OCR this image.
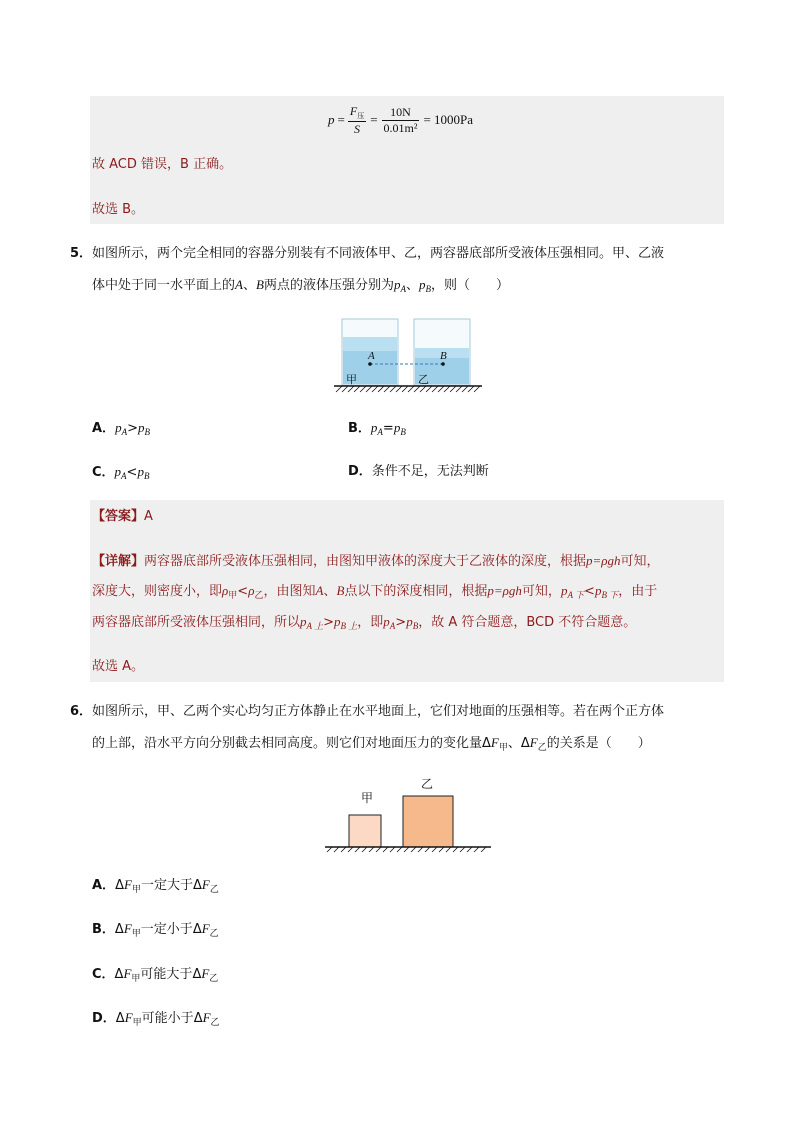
$p = \frac{F_压}{S} = \frac{10N}{\text{0.01m²}} = 1000Pa$
故 ACD 错误，B 正确。
故选 B。
5． 如图所示，两个完全相同的容器分别装有不同液体甲、乙，两容器底部所受液体压强相同。甲、乙液
体中处于同一水平面上的A、B两点的液体压强分别为$p_A$、$p_B$，则（　　）
A	B
甲	乙
A．$p_A>p_B$	B．$p_A=p_B$
C．$p_A<p_B$	D．条件不足，无法判断
【答案】A
【详解】两容器底部所受液体压强相同，由图知甲液体的深度大于乙液体的深度，根据p=ρgh可知，
深度大，则密度小，即$\rho_甲<\rho_乙$，由图知A、B点以下的深度相同，根据p=ρgh可知，$p_{A 下}<p_{B 下}$，由于
两容器底部所受液体压强相同，所以$p_{A 上}>p_{B 上}$，即$p_A>p_B$，故 A 符合题意，BCD 不符合题意。
故选 A。
6． 如图所示，甲、乙两个实心均匀正方体静止在水平地面上，它们对地面的压强相等。若在两个正方体
的上部，沿水平方向分别截去相同高度。则它们对地面压力的变化量$\Delta F_甲$、$\Delta F_乙$的关系是（　　）
甲
乙
A．$\Delta F_甲$一定大于$\Delta F_乙$
B．$\Delta F_甲$一定小于$\Delta F_乙$
C．$\Delta F_甲$可能大于$\Delta F_乙$
D．$\Delta F_甲$可能小于$\Delta F_乙$
